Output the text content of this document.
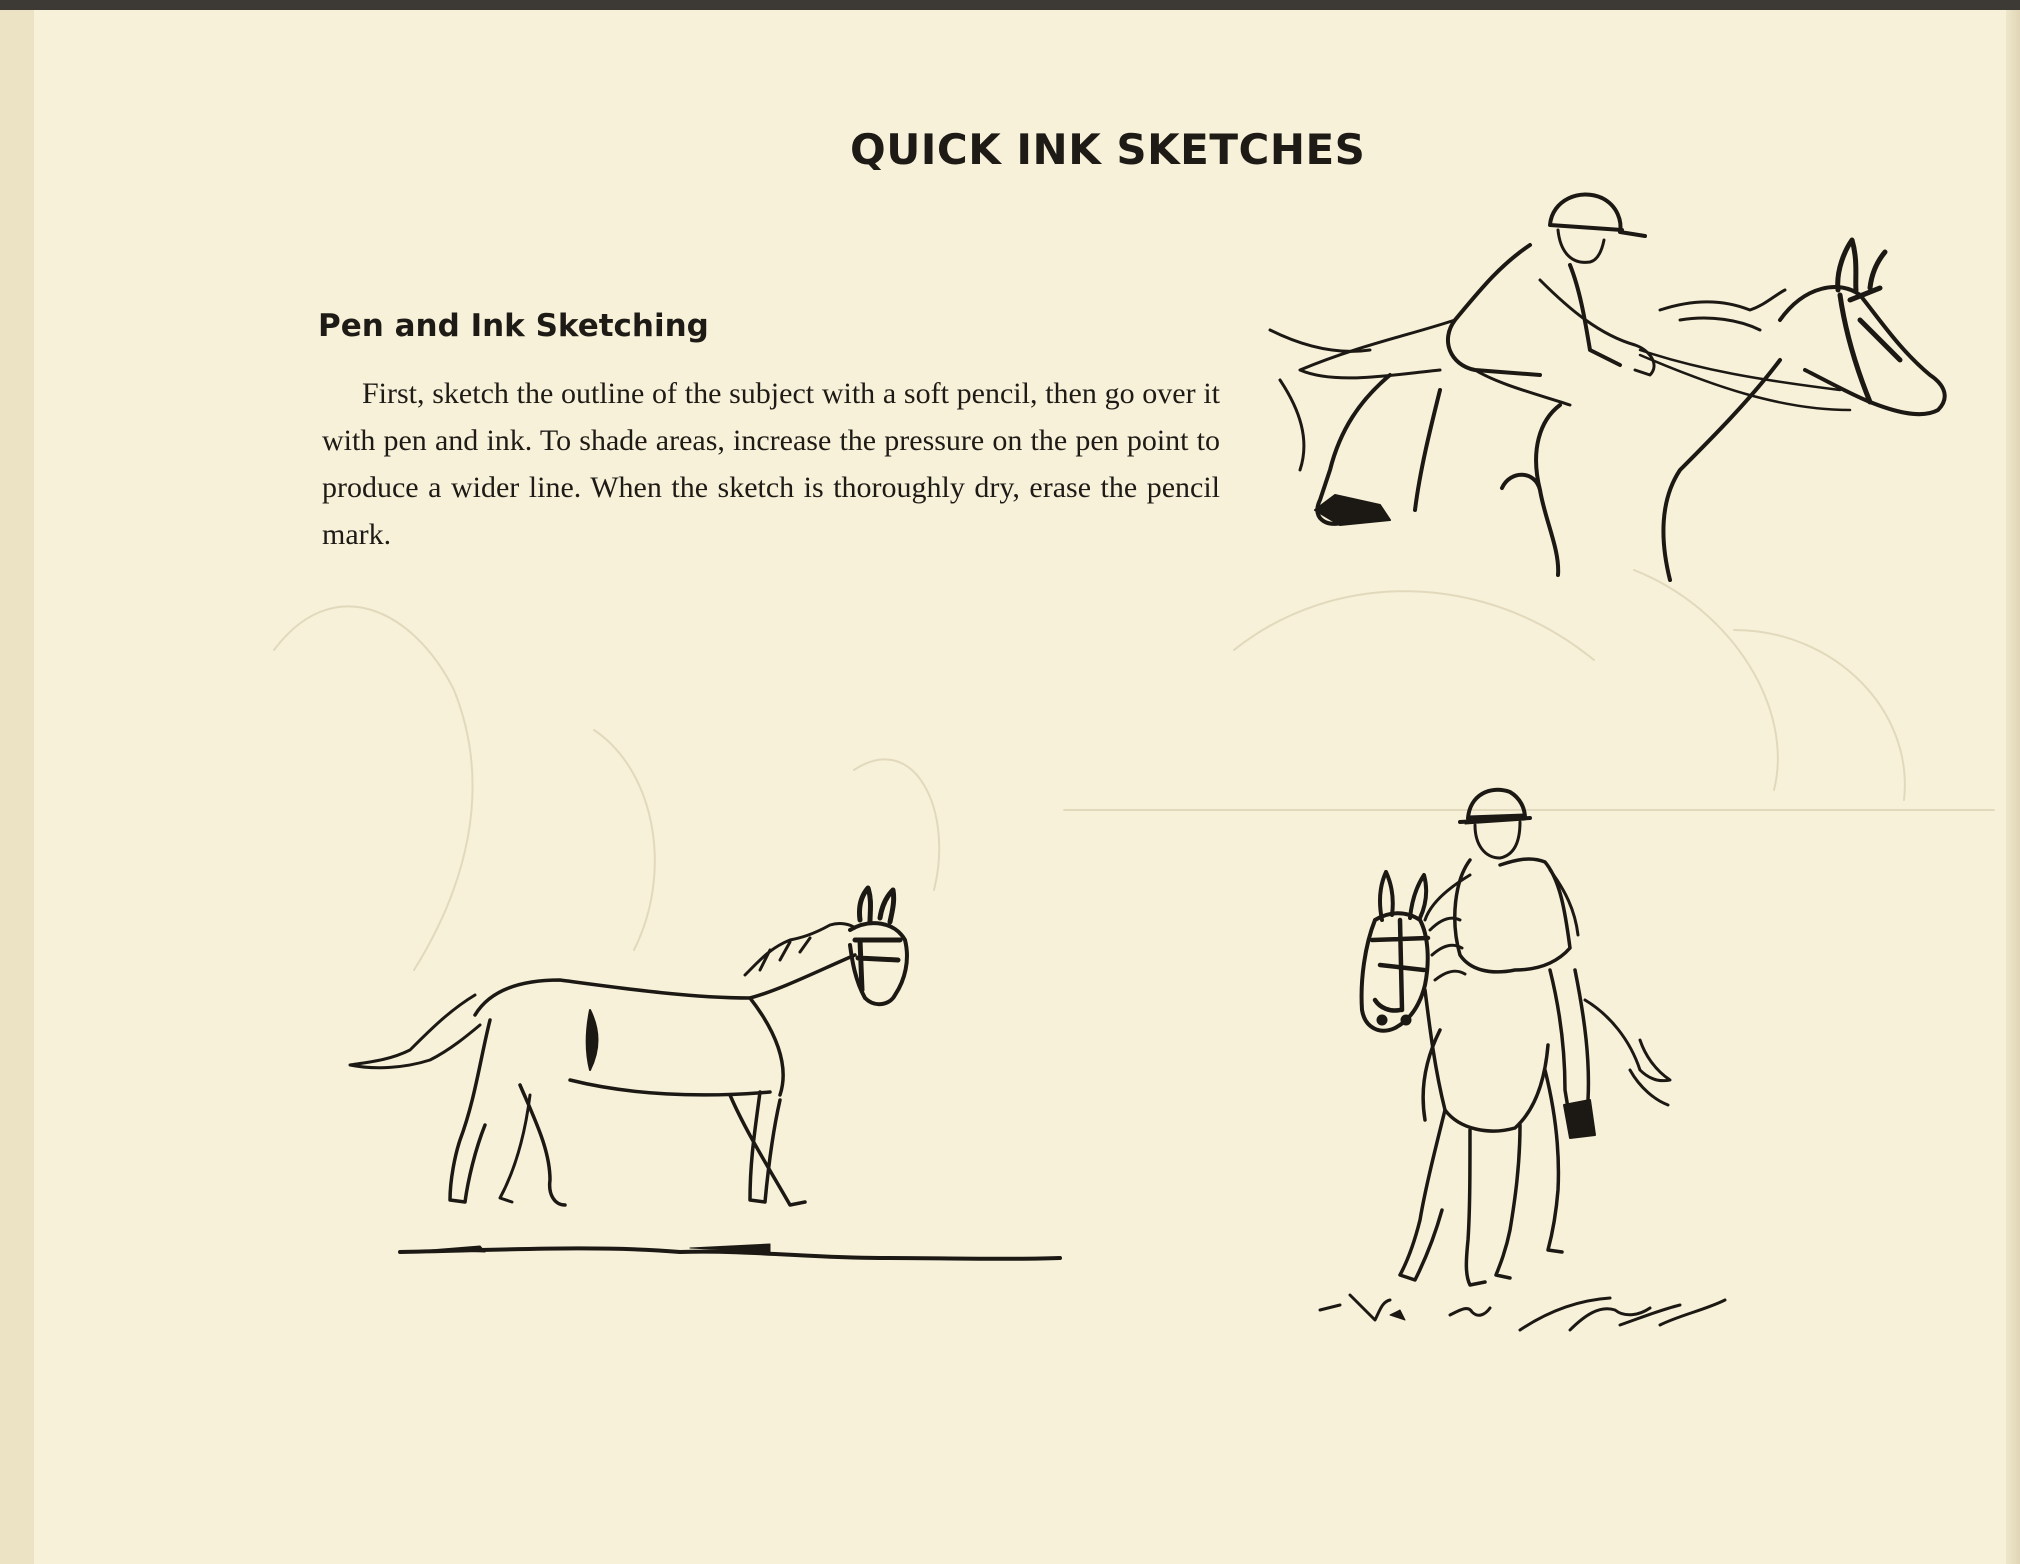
QUICK INK SKETCHES
Pen and Ink Sketching

First, sketch the outline of the subject with a soft pencil, then go over it with pen and ink. To shade areas, increase the pressure on the pen point to produce a wider line. When the sketch is thoroughly dry, erase the pencil mark.
